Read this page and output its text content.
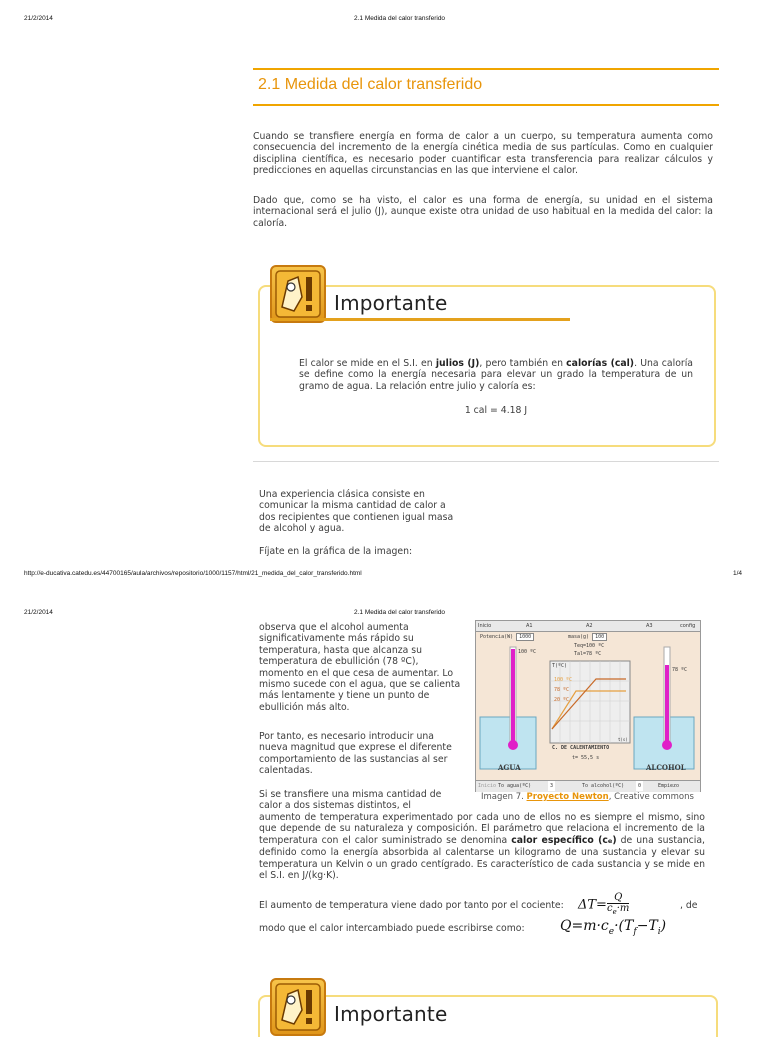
21/2/2014	2.1 Medida del calor transferido
2.1 Medida del calor transferido

Cuando se transfiere energía en forma de calor a un cuerpo, su temperatura aumenta como consecuencia del incremento de la energía cinética media de sus partículas. Como en cualquier disciplina científica, es necesario poder cuantificar esta transferencia para realizar cálculos y predicciones en aquellas circunstancias en las que interviene el calor.

Dado que, como se ha visto, el calor es una forma de energía, su unidad en el sistema internacional será el julio (J), aunque existe otra unidad de uso habitual en la medida del calor: la caloría.

Importante

El calor se mide en el S.I. en julios (J), pero también en calorías (cal). Una caloría se define como la energía necesaria para elevar un grado la temperatura de un gramo de agua. La relación entre julio y caloría es:

1 cal = 4.18 J

Una experiencia clásica consiste en comunicar la misma cantidad de calor a dos recipientes que contienen igual masa de alcohol y agua.

Fíjate en la gráfica de la imagen:

http://e-ducativa.catedu.es/44700165/aula/archivos/repositorio/1000/1157/html/21_medida_del_calor_transferido.html	1/4
21/2/2014	2.1 Medida del calor transferido

observa que el alcohol aumenta significativamente más rápido su temperatura, hasta que alcanza su temperatura de ebullición (78 ºC), momento en el que cesa de aumentar. Lo mismo sucede con el agua, que se calienta más lentamente y tiene un punto de ebullición más alto.

Por tanto, es necesario introducir una nueva magnitud que exprese el diferente comportamiento de las sustancias al ser calentadas.

Si se transfiere una misma cantidad de calor a dos sistemas distintos, el

aumento de temperatura experimentado por cada uno de ellos no es siempre el mismo, sino que depende de su naturaleza y composición. El parámetro que relaciona el incremento de la temperatura con el calor suministrado se denomina calor específico (ce) de una sustancia, definido como la energía absorbida al calentarse un kilogramo de una sustancia y elevar su temperatura un Kelvin o un grado centígrado. Es característico de cada sustancia y se mide en el S.I. en J/(kg·K).

El aumento de temperatura viene dado por tanto por el cociente:	$\Delta T= \frac{Q}{c_e\cdot m}$	, de

modo que el calor intercambiado puede escribirse como:	$Q=m\cdot c_e\cdot(T_f-T_i)$
Inicio	A1	A2	A3	config
Potencia(W) 1000	masa(g) 100
Teq=100 ºC
Tal=78 ºC
100 ºC
78 ºC
T(ºC)
100 ºC
78 ºC
20 ºC
t(s)
C. DE CALENTAMIENTO
t= 55,5 s
AGUA	ALCOHOL
Inicio To agua(ºC)	3	To alcohol(ºC)	0	Empiezo
Imagen 7. Proyecto Newton, Creative commons
Importante
